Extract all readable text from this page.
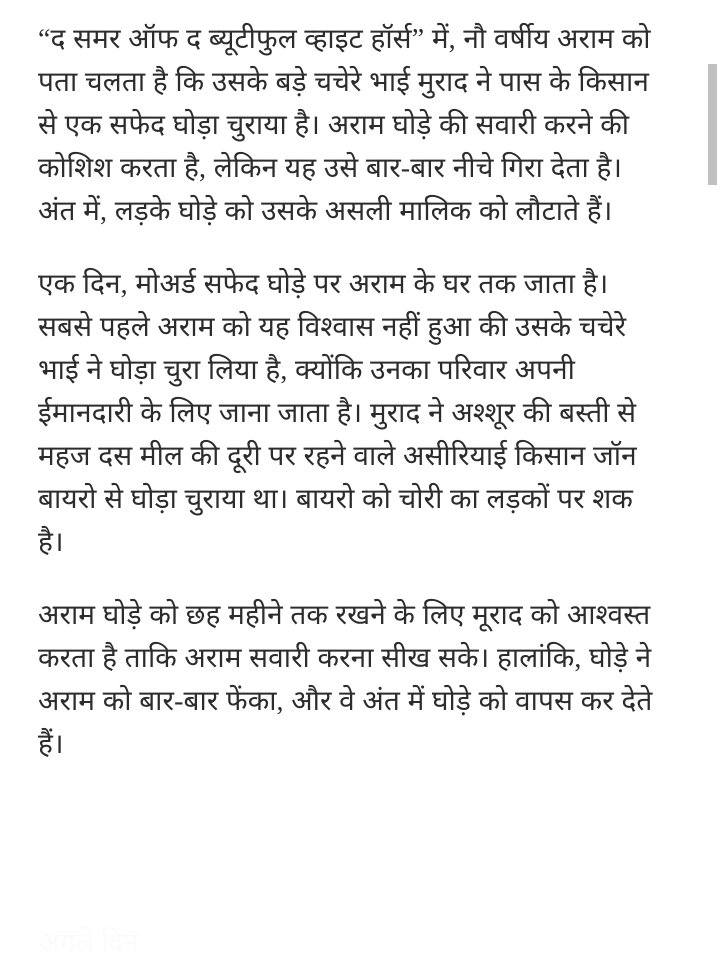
“द समर ऑफ द ब्यूटीफुल व्हाइट हॉर्स” में, नौ वर्षीय अराम को पता चलता है कि उसके बड़े चचेरे भाई मुराद ने पास के किसान से एक सफेद घोड़ा चुराया है। अराम घोड़े की सवारी करने की कोशिश करता है, लेकिन यह उसे बार-बार नीचे गिरा देता है। अंत में, लड़के घोड़े को उसके असली मालिक को लौटाते हैं।

एक दिन, मोअर्ड सफेद घोड़े पर अराम के घर तक जाता है। सबसे पहले अराम को यह विश्वास नहीं हुआ की उसके चचेरे भाई ने घोड़ा चुरा लिया है, क्योंकि उनका परिवार अपनी ईमानदारी के लिए जाना जाता है। मुराद ने अश्शूर की बस्ती से महज दस मील की दूरी पर रहने वाले असीरियाई किसान जॉन बायरो से घोड़ा चुराया था। बायरो को चोरी का लड़कों पर शक है।

अराम घोड़े को छह महीने तक रखने के लिए मूराद को आश्वस्त करता है ताकि अराम सवारी करना सीख सके। हालांकि, घोड़े ने अराम को बार-बार फेंका, और वे अंत में घोड़े को वापस कर देते हैं।

अगले दिन
